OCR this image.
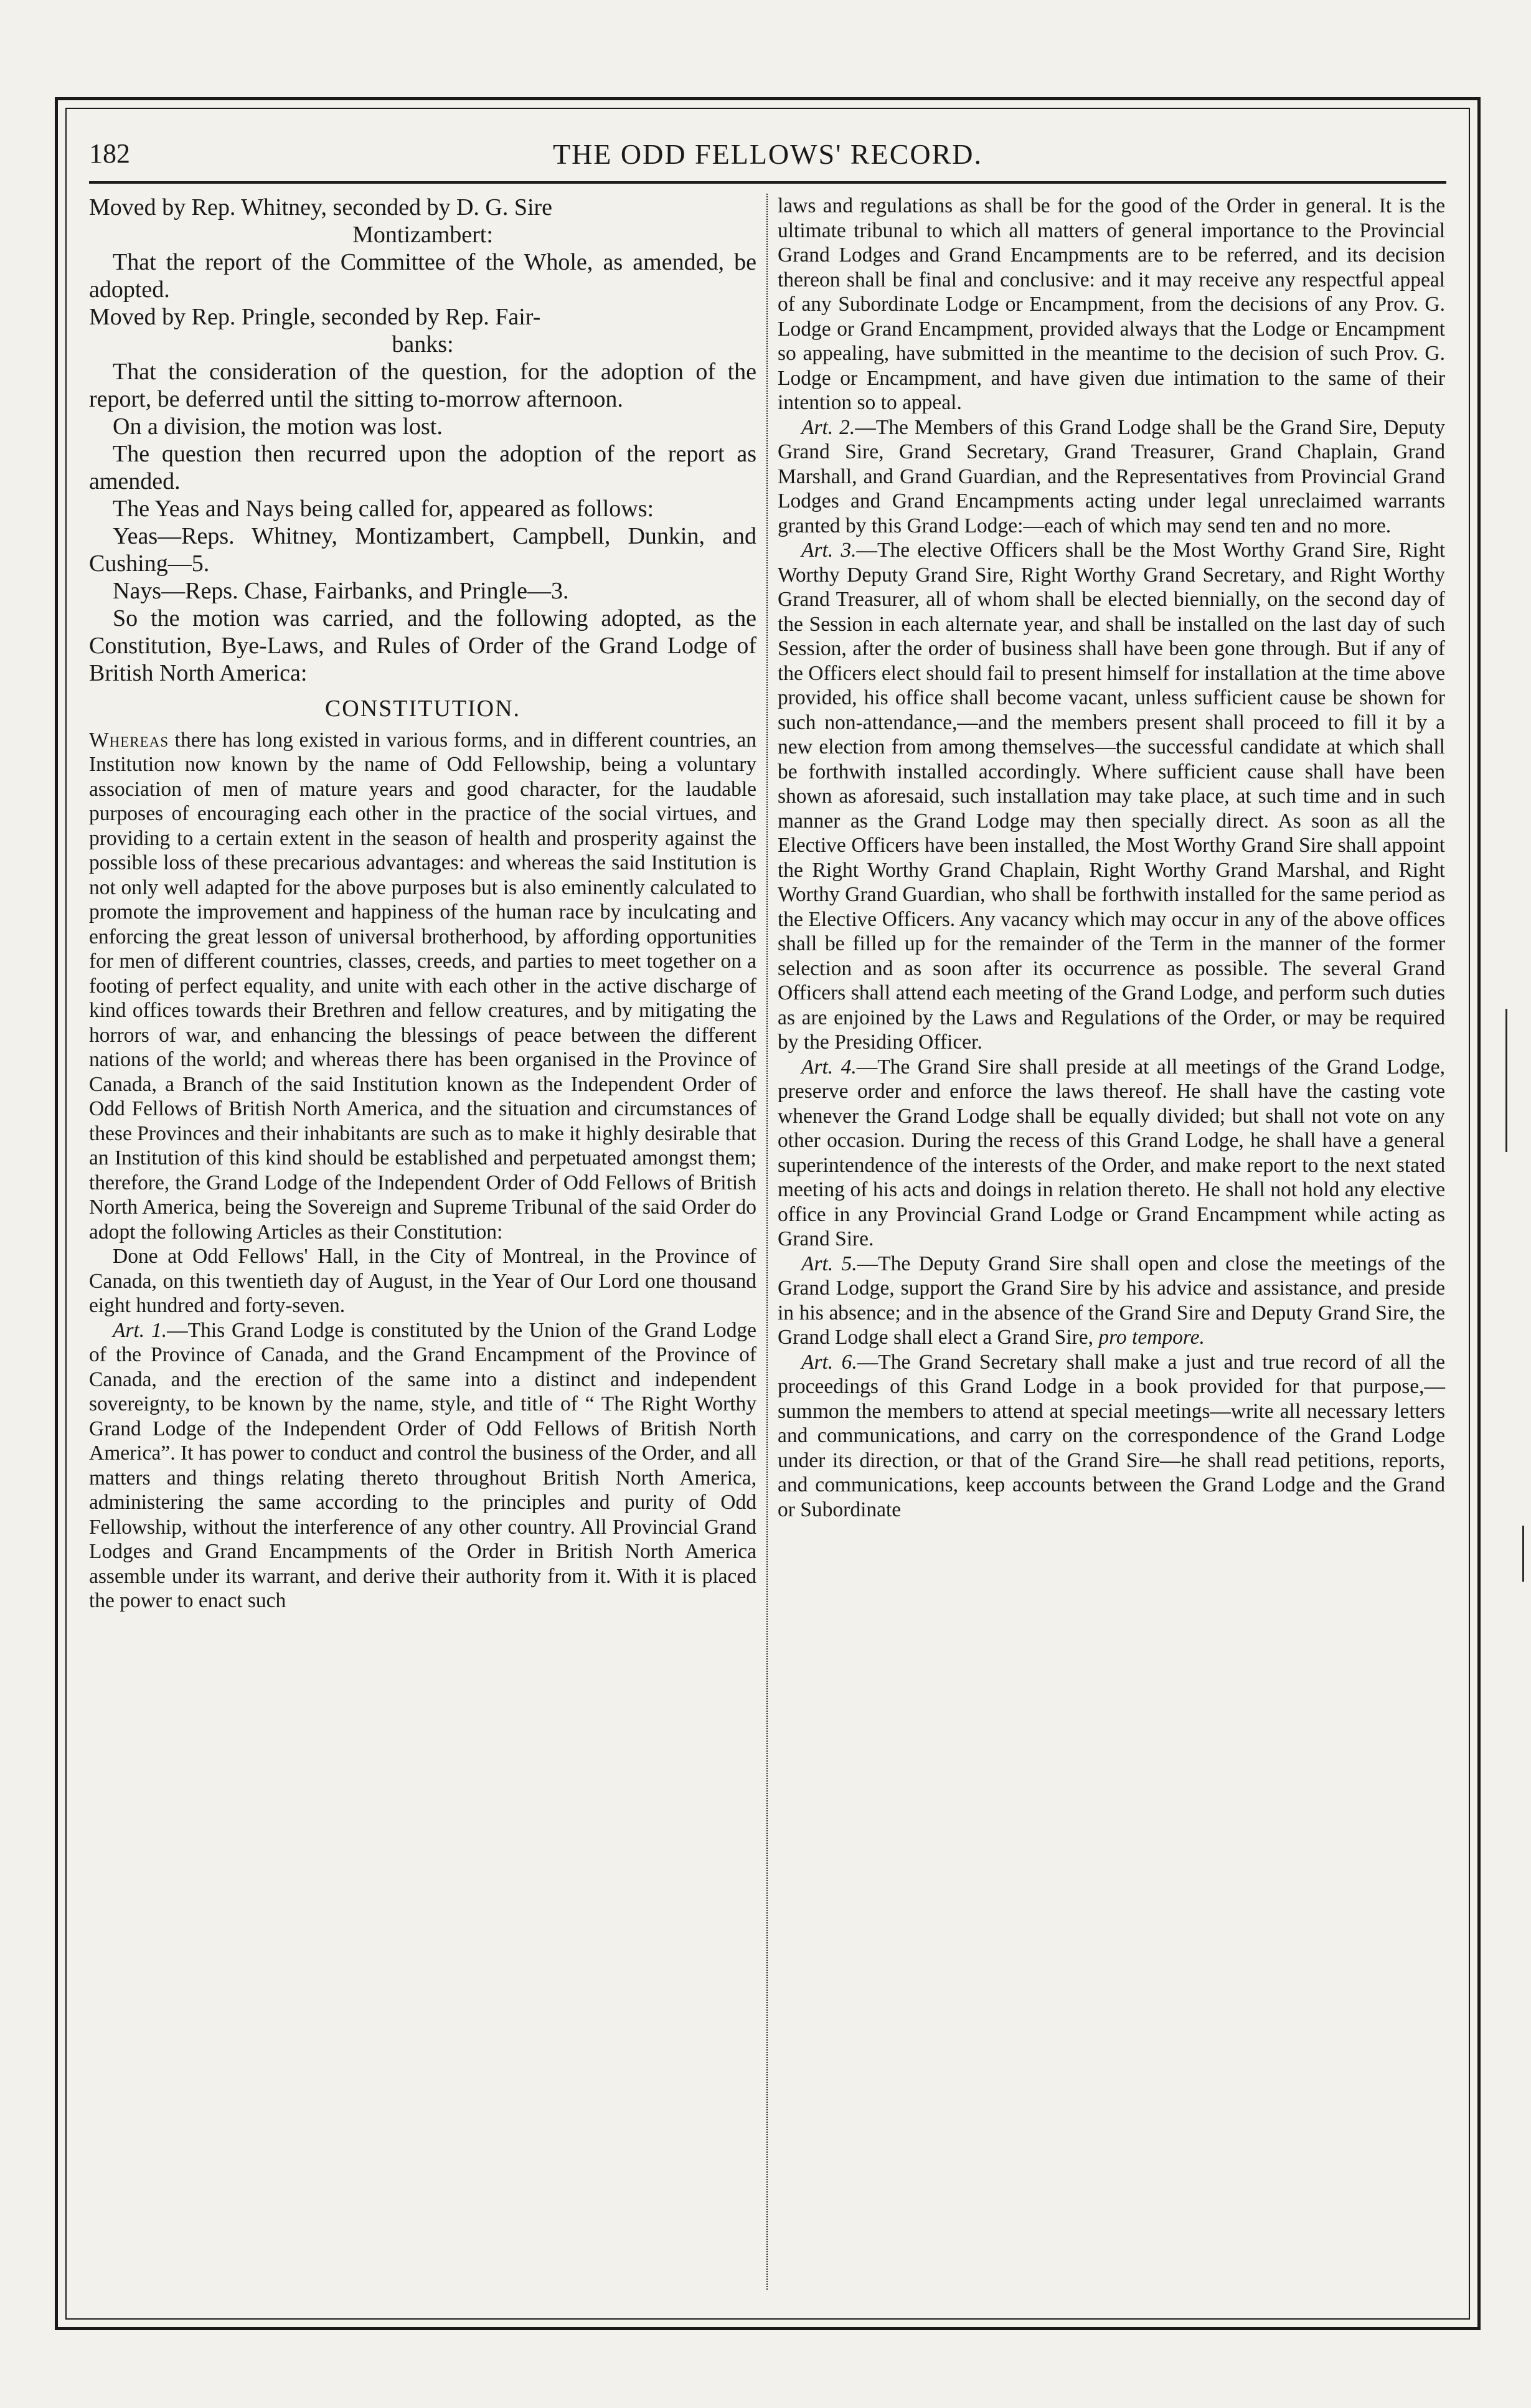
182	THE ODD FELLOWS' RECORD.

Moved by Rep. Whitney, seconded by D. G. Sire

Montizambert:

That the report of the Committee of the Whole, as amended, be adopted.

Moved by Rep. Pringle, seconded by Rep. Fair-

banks:

That the consideration of the question, for the adoption of the report, be deferred until the sitting to-morrow afternoon.

On a division, the motion was lost.

The question then recurred upon the adoption of the report as amended.

The Yeas and Nays being called for, appeared as follows:

Yeas—Reps. Whitney, Montizambert, Campbell, Dunkin, and Cushing—5.

Nays—Reps. Chase, Fairbanks, and Pringle—3.

So the motion was carried, and the following adopted, as the Constitution, Bye-Laws, and Rules of Order of the Grand Lodge of British North America:

CONSTITUTION.

Whereas there has long existed in various forms, and in different countries, an Institution now known by the name of Odd Fellowship, being a voluntary association of men of mature years and good character, for the laudable purposes of encouraging each other in the practice of the social virtues, and providing to a certain extent in the season of health and prosperity against the possible loss of these precarious advantages: and whereas the said Institution is not only well adapted for the above purposes but is also eminently calculated to promote the improvement and happiness of the human race by inculcating and enforcing the great lesson of universal brotherhood, by affording opportunities for men of different countries, classes, creeds, and parties to meet together on a footing of perfect equality, and unite with each other in the active discharge of kind offices towards their Brethren and fellow creatures, and by mitigating the horrors of war, and enhancing the blessings of peace between the different nations of the world; and whereas there has been organised in the Province of Canada, a Branch of the said Institution known as the Independent Order of Odd Fellows of British North America, and the situation and circumstances of these Provinces and their inhabitants are such as to make it highly desirable that an Institution of this kind should be established and perpetuated amongst them; therefore, the Grand Lodge of the Independent Order of Odd Fellows of British North America, being the Sovereign and Supreme Tribunal of the said Order do adopt the following Articles as their Constitution:

Done at Odd Fellows' Hall, in the City of Montreal, in the Province of Canada, on this twentieth day of August, in the Year of Our Lord one thousand eight hundred and forty-seven.

Art. 1.—This Grand Lodge is constituted by the Union of the Grand Lodge of the Province of Canada, and the Grand Encampment of the Province of Canada, and the erection of the same into a distinct and independent sovereignty, to be known by the name, style, and title of “ The Right Worthy Grand Lodge of the Independent Order of Odd Fellows of British North America”. It has power to conduct and control the business of the Order, and all matters and things relating thereto throughout British North America, administering the same according to the principles and purity of Odd Fellowship, without the interference of any other country. All Provincial Grand Lodges and Grand Encampments of the Order in British North America assemble under its warrant, and derive their authority from it. With it is placed the power to enact such

laws and regulations as shall be for the good of the Order in general. It is the ultimate tribunal to which all matters of general importance to the Provincial Grand Lodges and Grand Encampments are to be referred, and its decision thereon shall be final and conclusive: and it may receive any respectful appeal of any Subordinate Lodge or Encampment, from the decisions of any Prov. G. Lodge or Grand Encampment, provided always that the Lodge or Encampment so appealing, have submitted in the meantime to the decision of such Prov. G. Lodge or Encampment, and have given due intimation to the same of their intention so to appeal.

Art. 2.—The Members of this Grand Lodge shall be the Grand Sire, Deputy Grand Sire, Grand Secretary, Grand Treasurer, Grand Chaplain, Grand Marshall, and Grand Guardian, and the Representatives from Provincial Grand Lodges and Grand Encampments acting under legal unreclaimed warrants granted by this Grand Lodge:—each of which may send ten and no more.

Art. 3.—The elective Officers shall be the Most Worthy Grand Sire, Right Worthy Deputy Grand Sire, Right Worthy Grand Secretary, and Right Worthy Grand Treasurer, all of whom shall be elected biennially, on the second day of the Session in each alternate year, and shall be installed on the last day of such Session, after the order of business shall have been gone through. But if any of the Officers elect should fail to present himself for installation at the time above provided, his office shall become vacant, unless sufficient cause be shown for such non-attendance,—and the members present shall proceed to fill it by a new election from among themselves—the successful candidate at which shall be forthwith installed accordingly. Where sufficient cause shall have been shown as aforesaid, such installation may take place, at such time and in such manner as the Grand Lodge may then specially direct. As soon as all the Elective Officers have been installed, the Most Worthy Grand Sire shall appoint the Right Worthy Grand Chaplain, Right Worthy Grand Marshal, and Right Worthy Grand Guardian, who shall be forthwith installed for the same period as the Elective Officers. Any vacancy which may occur in any of the above offices shall be filled up for the remainder of the Term in the manner of the former selection and as soon after its occurrence as possible. The several Grand Officers shall attend each meeting of the Grand Lodge, and perform such duties as are enjoined by the Laws and Regulations of the Order, or may be required by the Presiding Officer.

Art. 4.—The Grand Sire shall preside at all meetings of the Grand Lodge, preserve order and enforce the laws thereof. He shall have the casting vote whenever the Grand Lodge shall be equally divided; but shall not vote on any other occasion. During the recess of this Grand Lodge, he shall have a general superintendence of the interests of the Order, and make report to the next stated meeting of his acts and doings in relation thereto. He shall not hold any elective office in any Provincial Grand Lodge or Grand Encampment while acting as Grand Sire.

Art. 5.—The Deputy Grand Sire shall open and close the meetings of the Grand Lodge, support the Grand Sire by his advice and assistance, and preside in his absence; and in the absence of the Grand Sire and Deputy Grand Sire, the Grand Lodge shall elect a Grand Sire, pro tempore.

Art. 6.—The Grand Secretary shall make a just and true record of all the proceedings of this Grand Lodge in a book provided for that purpose,—summon the members to attend at special meetings—write all necessary letters and communications, and carry on the correspondence of the Grand Lodge under its direction, or that of the Grand Sire—he shall read petitions, reports, and communications, keep accounts between the Grand Lodge and the Grand or Subordinate
